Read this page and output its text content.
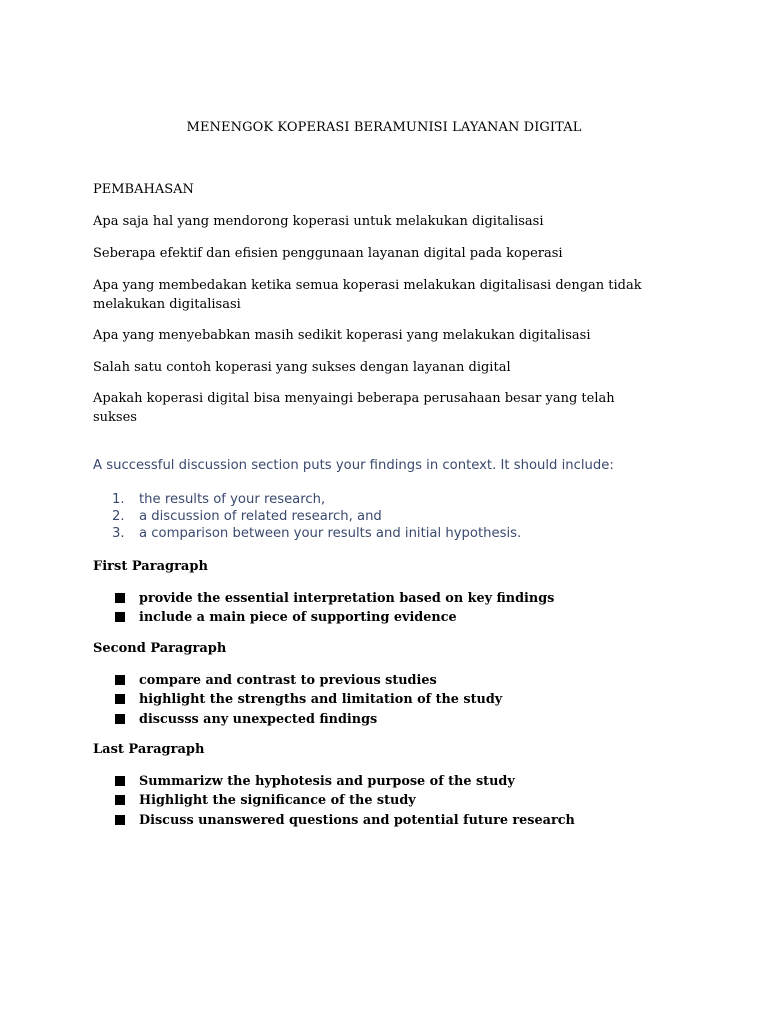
MENENGOK KOPERASI BERAMUNISI LAYANAN DIGITAL
PEMBAHASAN
Apa saja hal yang mendorong koperasi untuk melakukan digitalisasi
Seberapa efektif dan efisien penggunaan layanan digital pada koperasi
Apa yang membedakan ketika semua koperasi melakukan digitalisasi dengan tidak melakukan digitalisasi
Apa yang menyebabkan masih sedikit koperasi yang melakukan digitalisasi
Salah satu contoh koperasi yang sukses dengan layanan digital
Apakah koperasi digital bisa menyaingi beberapa perusahaan besar yang telah sukses
A successful discussion section puts your findings in context. It should include:
1. the results of your research,
2. a discussion of related research, and
3. a comparison between your results and initial hypothesis.
First Paragraph
provide the essential interpretation based on key findings
include a main piece of supporting evidence
Second Paragraph
compare and contrast to previous studies
highlight the strengths and limitation of the study
discusss any unexpected findings
Last Paragraph
Summarizw the hyphotesis and purpose of the study
Highlight the significance of the study
Discuss unanswered questions and potential future research
